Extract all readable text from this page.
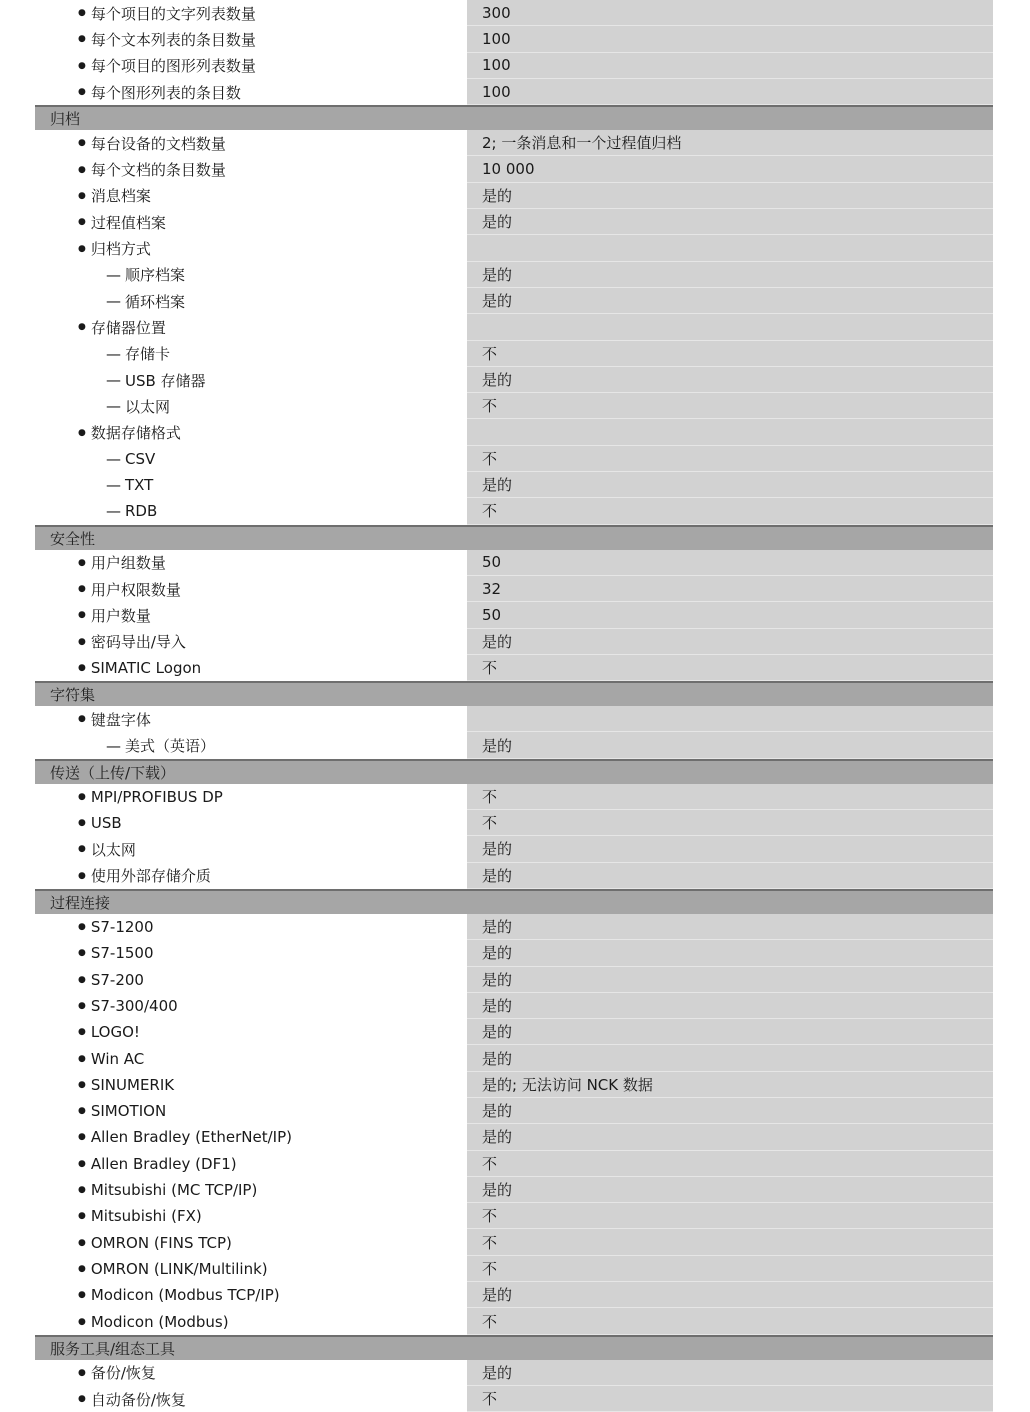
● 每个项目的文字列表数量	300
● 每个文本列表的条目数量	100
● 每个项目的图形列表数量	100
● 每个图形列表的条目数	100
归档
● 每台设备的文档数量	2; 一条消息和一个过程值归档
● 每个文档的条目数量	10 000
● 消息档案	是的
● 过程值档案	是的
● 归档方式
— 顺序档案	是的
— 循环档案	是的
● 存储器位置
— 存储卡	不
— USB 存储器	是的
— 以太网	不
● 数据存储格式
— CSV	不
— TXT	是的
— RDB	不
安全性
● 用户组数量	50
● 用户权限数量	32
● 用户数量	50
● 密码导出/导入	是的
● SIMATIC Logon	不
字符集
● 键盘字体
— 美式（英语）	是的
传送（上传/下载）
● MPI/PROFIBUS DP	不
● USB	不
● 以太网	是的
● 使用外部存储介质	是的
过程连接
● S7-1200	是的
● S7-1500	是的
● S7-200	是的
● S7-300/400	是的
● LOGO!	是的
● Win AC	是的
● SINUMERIK	是的; 无法访问 NCK 数据
● SIMOTION	是的
● Allen Bradley (EtherNet/IP)	是的
● Allen Bradley (DF1)	不
● Mitsubishi (MC TCP/IP)	是的
● Mitsubishi (FX)	不
● OMRON (FINS TCP)	不
● OMRON (LINK/Multilink)	不
● Modicon (Modbus TCP/IP)	是的
● Modicon (Modbus)	不
服务工具/组态工具
● 备份/恢复	是的
● 自动备份/恢复	不
